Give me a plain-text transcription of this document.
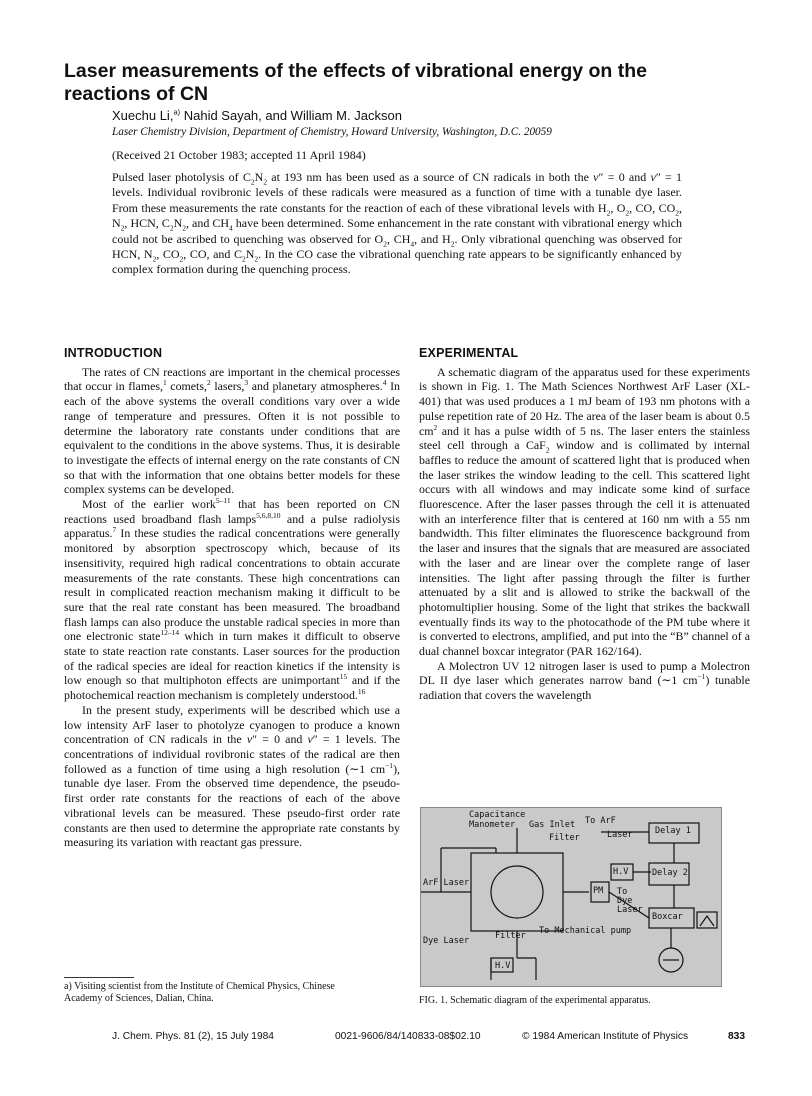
Laser measurements of the effects of vibrational energy on the reactions of CN
Xuechu Li,$^{a)}$ Nahid Sayah, and William M. Jackson
Laser Chemistry Division, Department of Chemistry, Howard University, Washington, D.C. 20059
(Received 21 October 1983; accepted 11 April 1984)

Pulsed laser photolysis of $C_2N_2$ at 193 nm has been used as a source of CN radicals in both the v″ = 0 and v″ = 1 levels. Individual rovibronic levels of these radicals were measured as a function of time with a tunable dye laser. From these measurements the rate constants for the reaction of each of these vibrational levels with $H_2$, $O_2$, CO, $CO_2$, $N_2$, HCN, $C_2N_2$, and $CH_4$ have been determined. Some enhancement in the rate constant with vibrational energy which could not be ascribed to quenching was observed for $O_2$, $CH_4$, and $H_2$. Only vibrational quenching was observed for HCN, $N_2$, $CO_2$, CO, and $C_2N_2$. In the CO case the vibrational quenching rate appears to be significantly enhanced by complex formation during the quenching process.

INTRODUCTION

The rates of CN reactions are important in the chemical processes that occur in flames,$^1$ comets,$^2$ lasers,$^3$ and planetary atmospheres.$^4$ In each of the above systems the overall conditions vary over a wide range of temperature and pressures. Often it is not possible to determine the laboratory rate constants under conditions that are equivalent to the conditions in the above systems. Thus, it is desirable to investigate the effects of internal energy on the rate constants of CN so that with the information that one obtains better models for these complex systems can be developed.

Most of the earlier work$^{5-11}$ that has been reported on CN reactions used broadband flash lamps$^{5,6,8,10}$ and a pulse radiolysis apparatus.$^7$ In these studies the radical concentrations were generally monitored by absorption spectroscopy which, because of its insensitivity, required high radical concentrations to obtain accurate measurements of the rate constants. These high concentrations can result in complicated reaction mechanism making it difficult to be sure that the real rate constant has been measured. The broadband flash lamps can also produce the unstable radical species in more than one electronic state$^{12-14}$ which in turn makes it difficult to observe state to state reaction rate constants. Laser sources for the production of the radical species are ideal for reaction kinetics if the intensity is low enough so that multiphoton effects are unimportant$^{15}$ and if the photochemical reaction mechanism is completely understood.$^{16}$

In the present study, experiments will be described which use a low intensity ArF laser to photolyze cyanogen to produce a known concentration of CN radicals in the v″ = 0 and v″ = 1 levels. The concentrations of individual rovibronic states of the radical are then followed as a function of time using a high resolution (∼1 $cm^{-1}$), tunable dye laser. From the observed time dependence, the pseudo-first order rate constants for the reactions of each of the above vibrational levels can be measured. These pseudo-first order rate constants are then used to determine the appropriate rate constants by measuring its variation with reactant gas pressure.

a) Visiting scientist from the Institute of Chemical Physics, Chinese Academy of Sciences, Dalian, China.

EXPERIMENTAL

A schematic diagram of the apparatus used for these experiments is shown in Fig. 1. The Math Sciences Northwest ArF Laser (XL-401) that was used produces a 1 mJ beam of 193 nm photons with a pulse repetition rate of 20 Hz. The area of the laser beam is about 0.5 $cm^2$ and it has a pulse width of 5 ns. The laser enters the stainless steel cell through a CaF$_2$ window and is collimated by internal baffles to reduce the amount of scattered light that is produced when the laser strikes the window leading to the cell. This scattered light occurs with all windows and may indicate some kind of surface fluorescence. After the laser passes through the cell it is attenuated with an interference filter that is centered at 160 nm with a 55 nm bandwidth. This filter eliminates the fluorescence background from the laser and insures that the signals that are measured are associated with the laser and are linear over the complete range of laser intensities. The light after passing through the filter is further attenuated by a slit and is allowed to strike the backwall of the photomultiplier housing. Some of the light that strikes the backwall eventually finds its way to the photocathode of the PM tube where it is converted to electrons, amplified, and put into the “B” channel of a dual channel boxcar integrator (PAR 162/164).

A Molectron UV 12 nitrogen laser is used to pump a Molectron DL II dye laser which generates narrow band (∼1 $cm^{-1}$) tunable radiation that covers the wavelength

Capacitance
Manometer Gas Inlet To ArF
Laser
Filter
Delay 1
Delay 2
H.V
To Dye Laser
PM
ArF Laser
Boxcar
To Mechanical pump
Dye Laser	Filter
H.V
FIG. 1. Schematic diagram of the experimental apparatus.
J. Chem. Phys. 81 (2), 15 July 1984	0021-9606/84/140833-08$02.10	© 1984 American Institute of Physics	833
